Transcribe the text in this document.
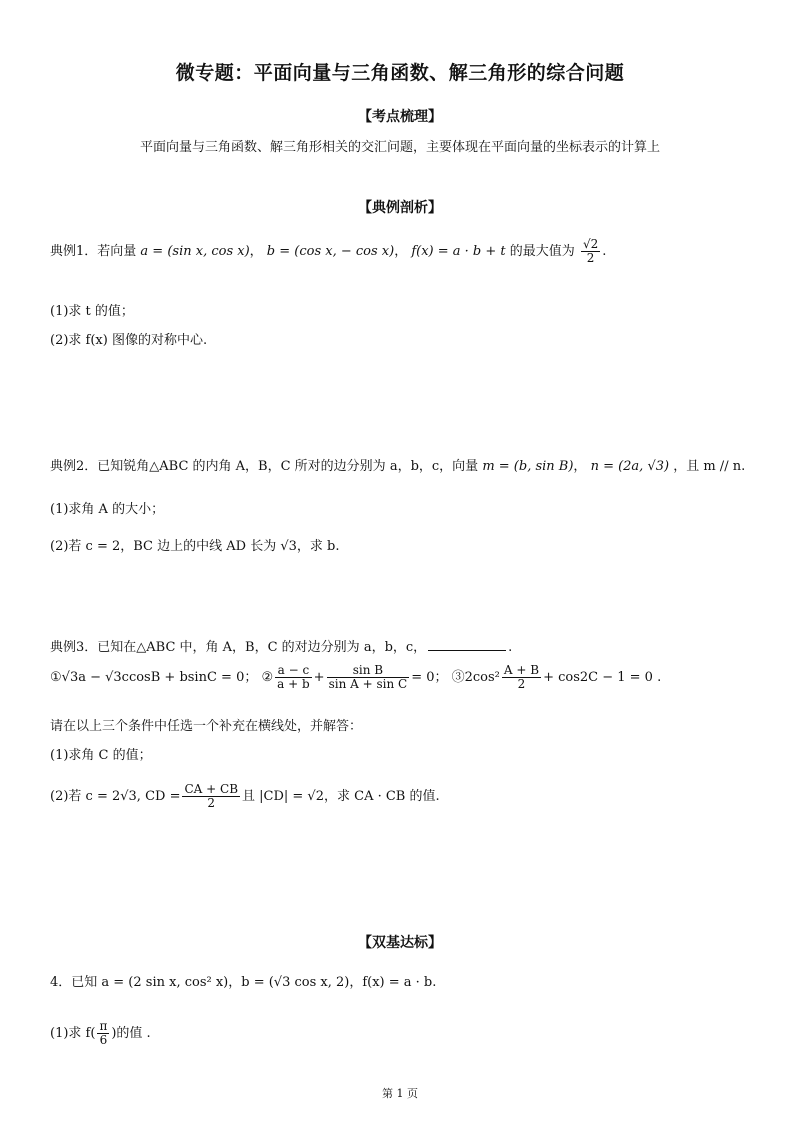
微专题：平面向量与三角函数、解三角形的综合问题
【考点梳理】
平面向量与三角函数、解三角形相关的交汇问题，主要体现在平面向量的坐标表示的计算上
【典例剖析】
典例1．若向量 a = (sin x, cos x)， b = (cos x, − cos x)， f(x) = a · b + t 的最大值为 $\frac{√2}{2}$ .
(1)求 t 的值；
(2)求 f(x) 图像的对称中心.
典例2．已知锐角△ABC 的内角 A，B，C 所对的边分别为 a，b，c，向量 m = (b, sin B)， n = (2a, √3) ，且 m // n.
(1)求角 A 的大小；
(2)若 c = 2，BC 边上的中线 AD 长为 √3，求 b.
典例3．已知在△ABC 中，角 A，B，C 的对边分别为 a，b，c，	.
①√3a − √3ccosB + bsinC = 0； ② $\frac{a - c}{a + b} + \frac{\text{sin B}}{\text{sin A + sin C}} = 0$； ③2cos² $\frac{A + B}{2} + \cos 2C - 1 = 0$ .
请在以上三个条件中任选一个补充在横线处，并解答：
(1)求角 C 的值；
(2)若 c = 2√3, CD = $\frac{CA + CB}{2}$ 且 |CD| = √2，求 CA · CB 的值.
【双基达标】
4．已知 a = (2 sin x, cos² x)，b = (√3 cos x, 2)，f(x) = a · b.
(1)求 $f( \frac{\pi}{6}$ )的值 .
第 1 页
